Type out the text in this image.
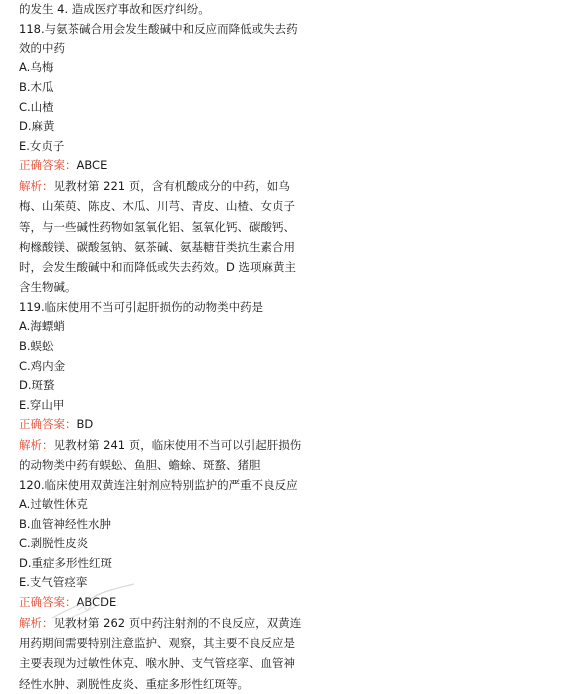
的发生 4. 造成医疗事故和医疗纠纷。
118.与氨茶碱合用会发生酸碱中和反应而降低或失去药效的中药
A.乌梅
B.木瓜
C.山楂
D.麻黄
E.女贞子
正确答案：ABCE
解析：见教材第 221 页，含有机酸成分的中药，如乌梅、山茱萸、陈皮、木瓜、川芎、青皮、山楂、女贞子等，与一些碱性药物如氢氧化铝、氢氧化钙、碳酸钙、枸橼酸镁、碳酸氢钠、氨茶碱、氨基糖苷类抗生素合用时，会发生酸碱中和而降低或失去药效。D 选项麻黄主含生物碱。
119.临床使用不当可引起肝损伤的动物类中药是
A.海螵蛸
B.蜈蚣
C.鸡内金
D.斑蝥
E.穿山甲
正确答案：BD
解析：见教材第 241 页，临床使用不当可以引起肝损伤的动物类中药有蜈蚣、鱼胆、蟾蜍、斑蝥、猪胆
120.临床使用双黄连注射剂应特别监护的严重不良反应
A.过敏性休克
B.血管神经性水肿
C.剥脱性皮炎
D.重症多形性红斑
E.支气管痉挛
正确答案：ABCDE
解析：见教材第 262 页中药注射剂的不良反应，双黄连用药期间需要特别注意监护、观察，其主要不良反应是主要表现为过敏性休克、喉水肿、支气管痉挛、血管神经性水肿、剥脱性皮炎、重症多形性红斑等。
